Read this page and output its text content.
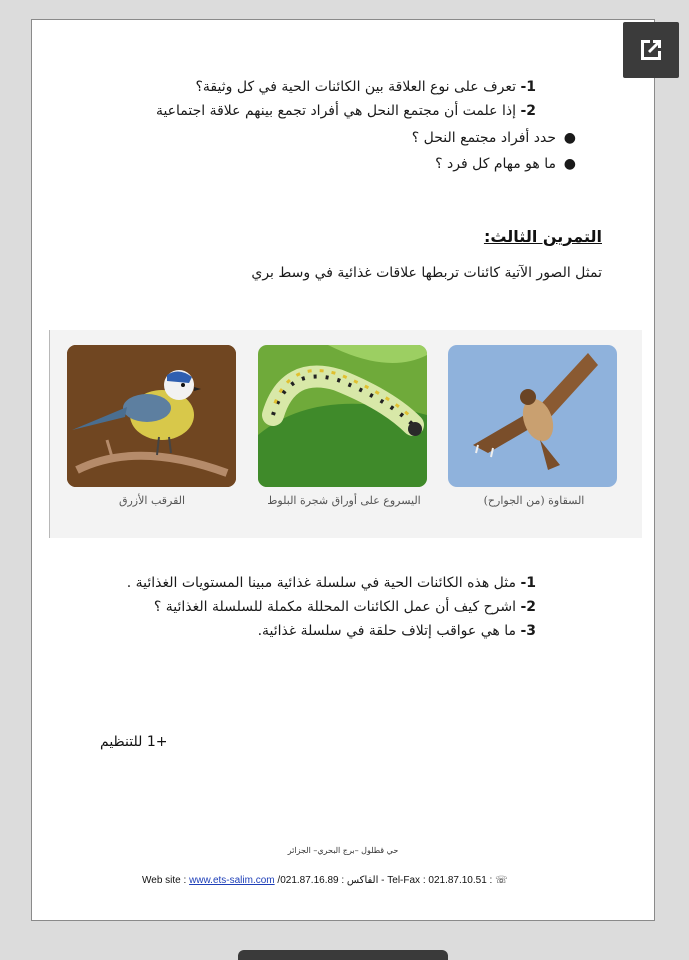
1- تعرف على نوع العلاقة بين الكائنات الحية في كل وثيقة؟
2- إذا علمت أن مجتمع النحل هي أفراد تجمع بينهم علاقة اجتماعية
●
حدد أفراد مجتمع النحل ؟
●
ما هو مهام كل فرد ؟
التمرين الثالث:
تمثل الصور الآتية كائنات تربطها علاقات غذائية في وسط بري
القرقب الأزرق	اليسروع على أوراق شجرة البلوط	السقاوة (من الجوارح)
1- مثل هذه الكائنات الحية في سلسلة غذائية مبينا المستويات الغذائية .
2- اشرح كيف أن عمل الكائنات المحللة مكملة للسلسلة الغذائية ؟
3- ما هي عواقب إتلاف حلقة في سلسلة غذائية.
+1 للتنظيم
حي قطلول –برج البحري– الجزائر
Web site : www.ets-salim.com /021.87.16.89 الفاكس : - Tel-Fax : 021.87.10.51 : ☏
